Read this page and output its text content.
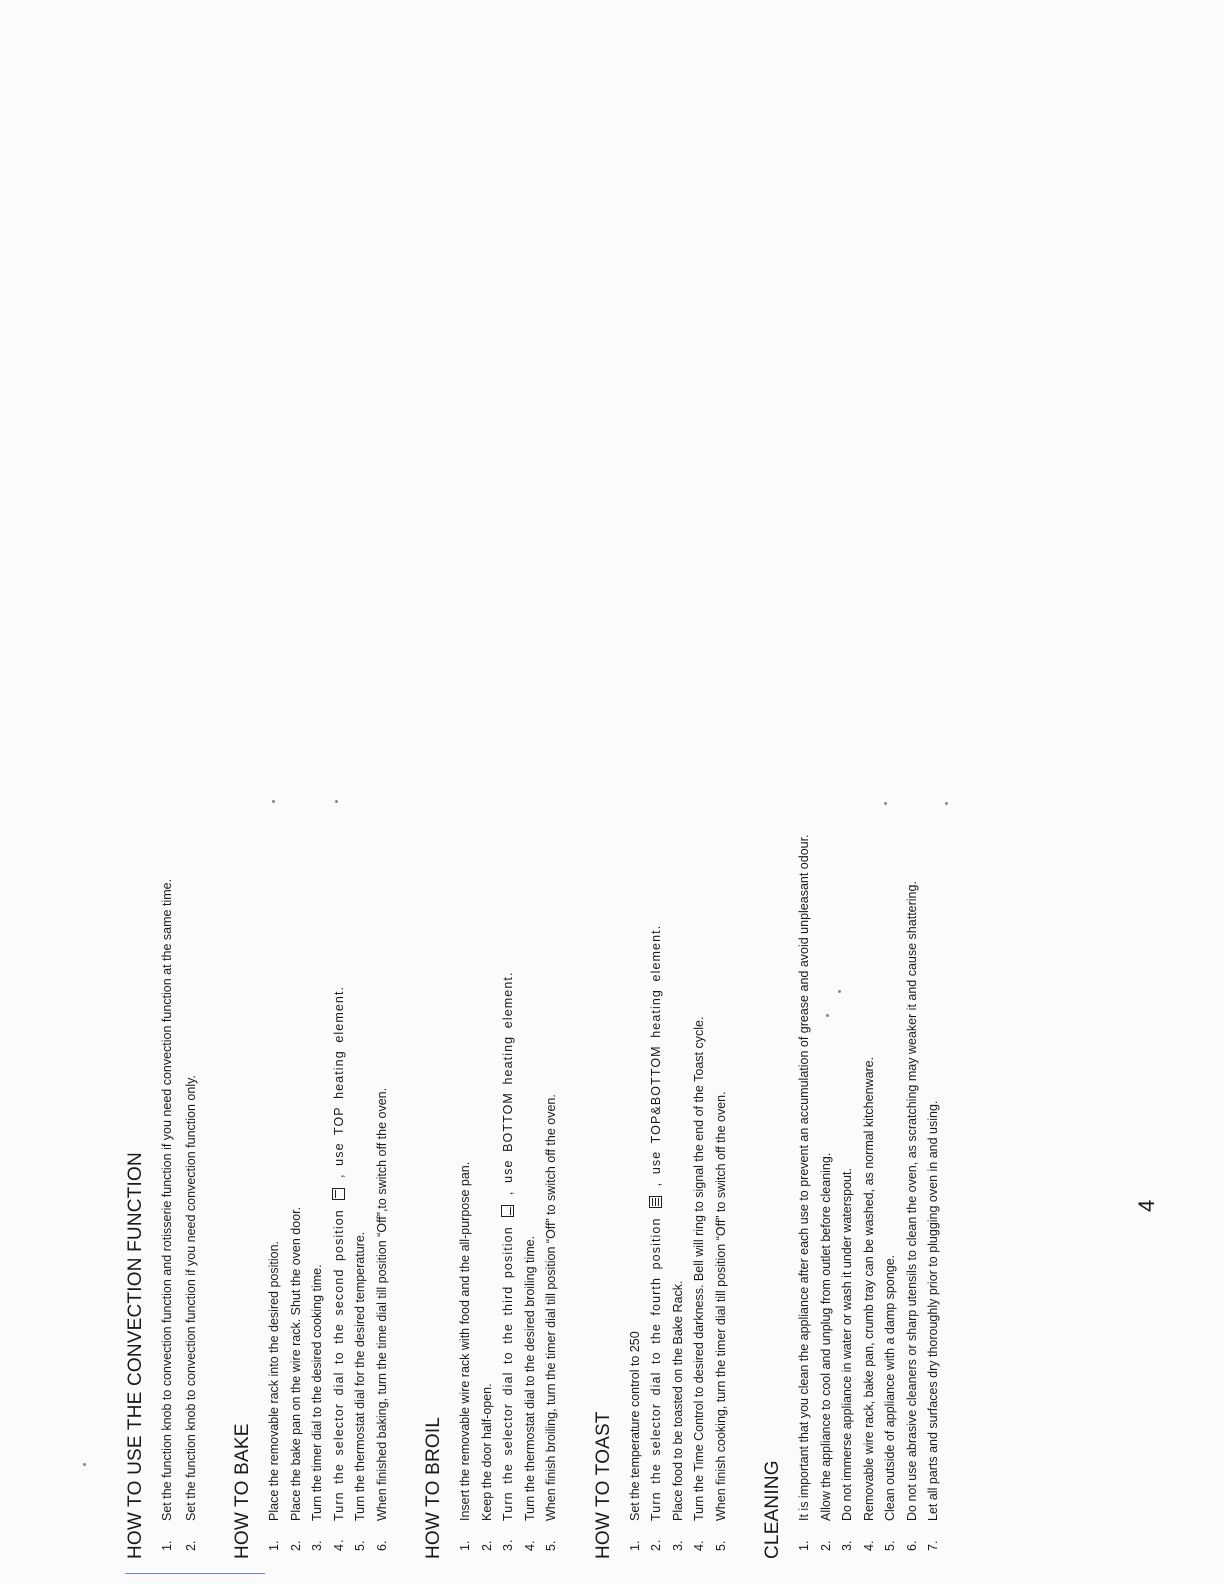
HOW TO USE THE CONVECTION FUNCTION 1.
Set the function knob to convection function and rotisserie function if you need convection function at the same time.
2.
Set the function knob to convection function if you need convection function only. HOW TO BAKE 1.
Place the removable rack into the desired position.
2.
Place the bake pan on the wire rack. Shut the oven door.
3.
Turn the timer dial to the desired cooking time.
4.
Turn the selector dial to the second position
, use TOP heating element.
5.
Turn the thermostat dial for the desired temperature.
6.
When finished baking, turn the time dial till position “Off”,to switch off the oven. HOW TO BROIL 1.
Insert the removable wire rack with food and the all-purpose pan.
2.
Keep the door half-open.
3.
Turn the selector dial to the third position
, use BOTTOM heating element.
4.
Turn the thermostat dial to the desired broiling time.
5.
When finish broiling, turn the timer dial till position “Off” to switch off the oven. HOW TO TOAST 1.
Set the temperature control to 250
2.
Turn the selector dial to the fourth position
, use TOP&BOTTOM heating element.
3.
Place food to be toasted on the Bake Rack.
4.
Turn the Time Control to desired darkness. Bell will ring to signal the end of the Toast cycle.
5.
When finish cooking, turn the timer dial till position “Off” to switch off the oven. CLEANING 1.
It is important that you clean the appliance after each use to prevent an accumulation of grease and avoid unpleasant odour.
2.
Allow the appliance to cool and unplug from outlet before cleaning.
3.
Do not immerse appliance in water or wash it under waterspout.
4.
Removable wire rack, bake pan, crumb tray can be washed, as normal kitchenware.
5.
Clean outside of appliance with a damp sponge.
6.
Do not use abrasive cleaners or sharp utensils to clean the oven, as scratching may weaker it and cause shattering.
7.
Let all parts and surfaces dry thoroughly prior to plugging oven in and using.	4
